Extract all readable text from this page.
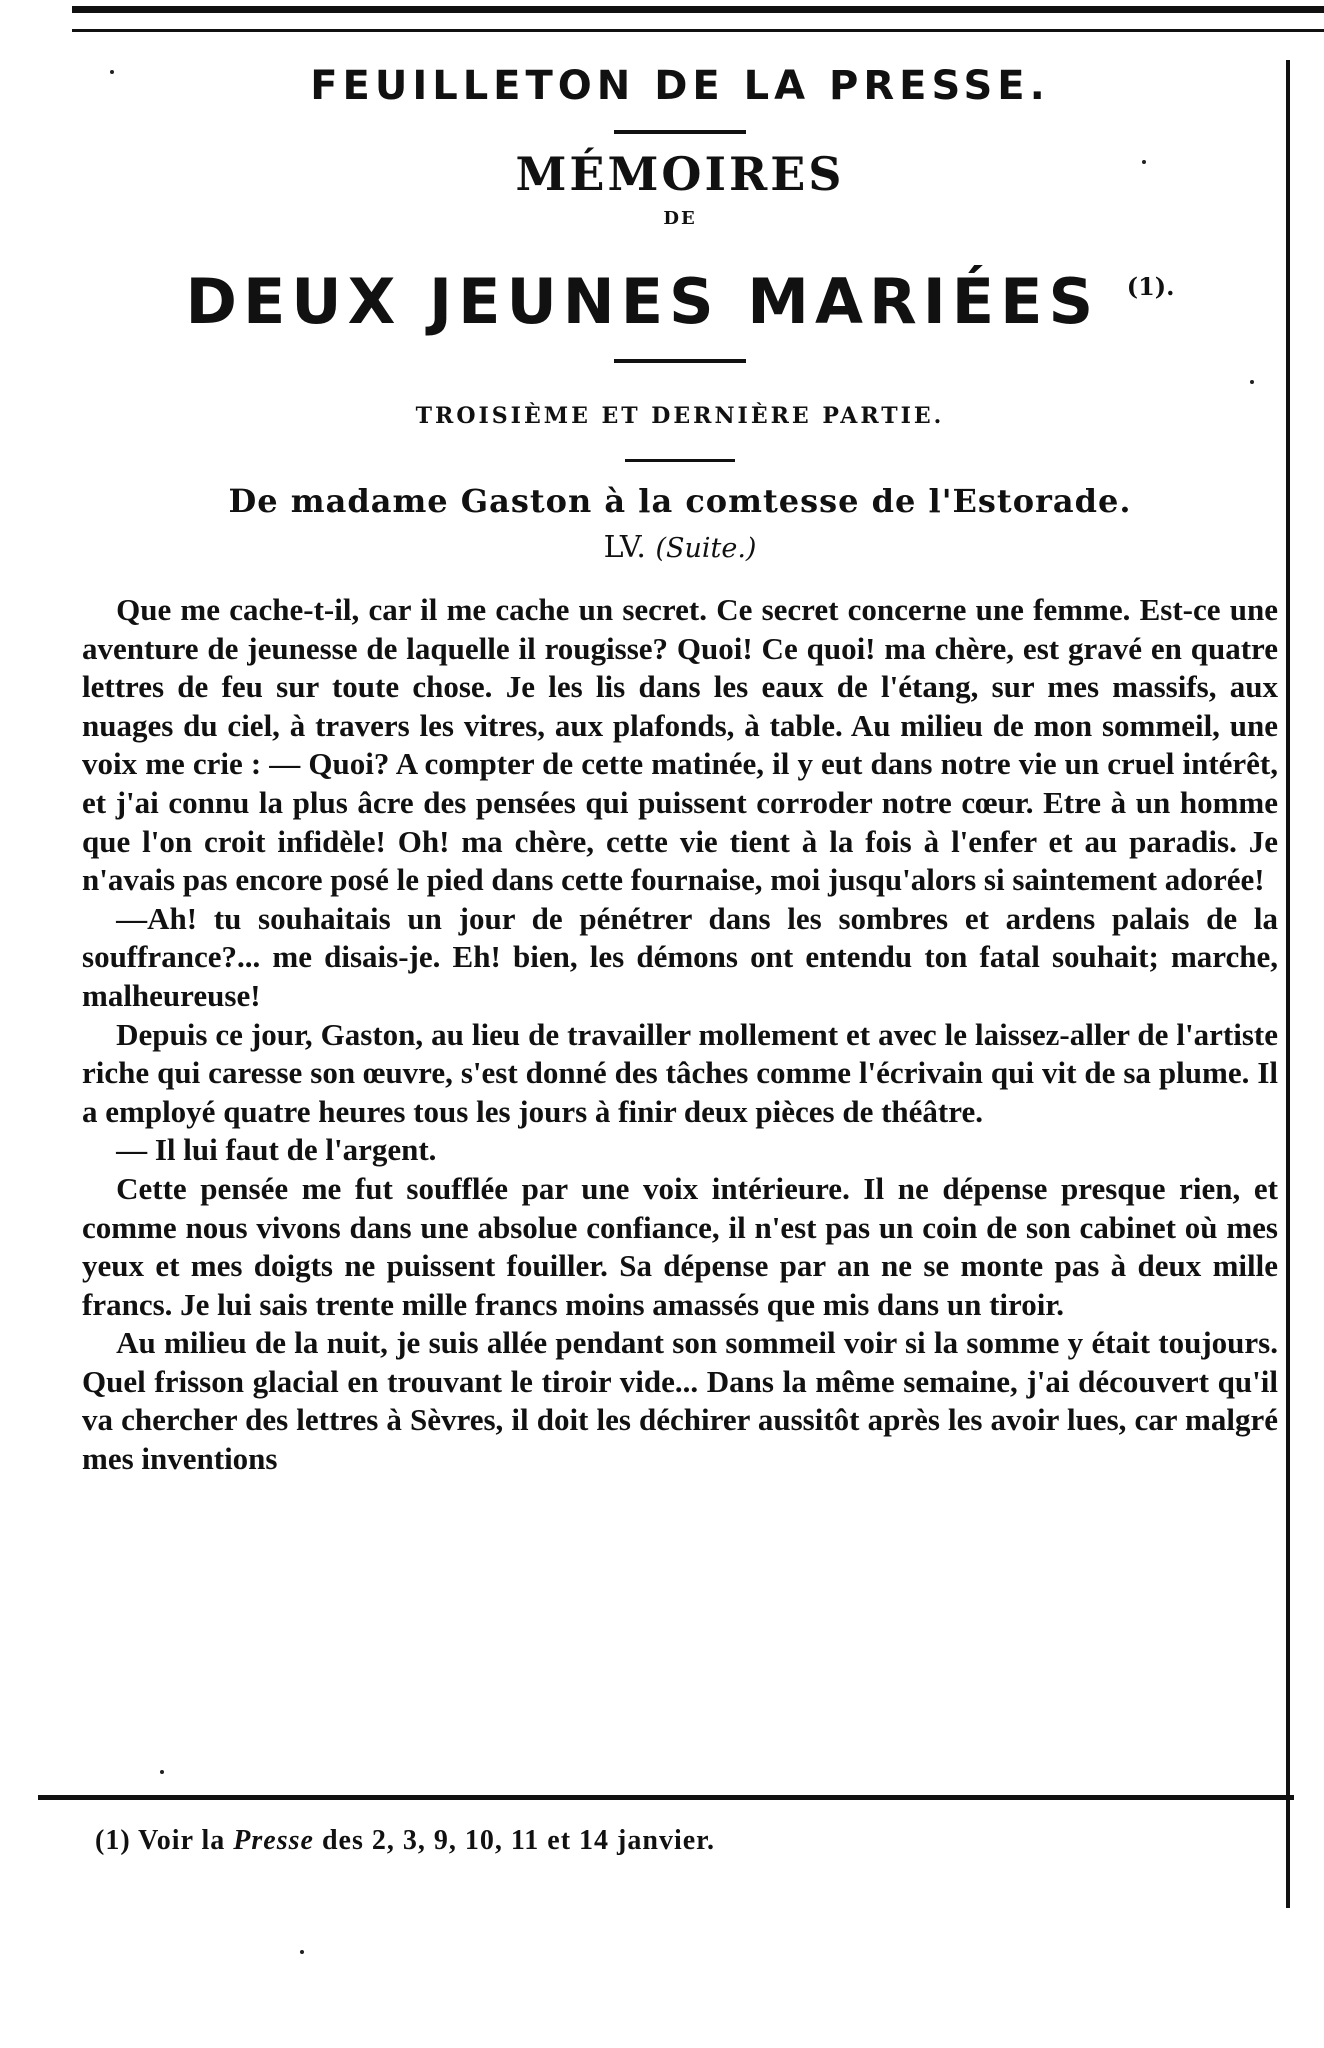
FEUILLETON DE LA PRESSE.
MÉMOIRES
DE
DEUX JEUNES MARIÉES $^{(1).}$
TROISIÈME ET DERNIÈRE PARTIE.
De madame Gaston à la comtesse de l'Estorade.
LV. (Suite.)

Que me cache-t-il, car il me cache un secret. Ce secret concerne une femme. Est-ce une aventure de jeunesse de laquelle il rougisse? Quoi! Ce quoi! ma chère, est gravé en quatre lettres de feu sur toute chose. Je les lis dans les eaux de l'étang, sur mes massifs, aux nuages du ciel, à travers les vitres, aux plafonds, à table. Au milieu de mon sommeil, une voix me crie : — Quoi? A compter de cette matinée, il y eut dans notre vie un cruel intérêt, et j'ai connu la plus âcre des pensées qui puissent corroder notre cœur. Etre à un homme que l'on croit infidèle! Oh! ma chère, cette vie tient à la fois à l'enfer et au paradis. Je n'avais pas encore posé le pied dans cette fournaise, moi jusqu'alors si saintement adorée!

—Ah! tu souhaitais un jour de pénétrer dans les sombres et ardens palais de la souffrance?... me disais-je. Eh! bien, les démons ont entendu ton fatal souhait; marche, malheureuse!

Depuis ce jour, Gaston, au lieu de travailler mollement et avec le laissez-aller de l'artiste riche qui caresse son œuvre, s'est donné des tâches comme l'écrivain qui vit de sa plume. Il a employé quatre heures tous les jours à finir deux pièces de théâtre.

— Il lui faut de l'argent.

Cette pensée me fut soufflée par une voix intérieure. Il ne dépense presque rien, et comme nous vivons dans une absolue confiance, il n'est pas un coin de son cabinet où mes yeux et mes doigts ne puissent fouiller. Sa dépense par an ne se monte pas à deux mille francs. Je lui sais trente mille francs moins amassés que mis dans un tiroir.

Au milieu de la nuit, je suis allée pendant son sommeil voir si la somme y était toujours. Quel frisson glacial en trouvant le tiroir vide... Dans la même semaine, j'ai découvert qu'il va chercher des lettres à Sèvres, il doit les déchirer aussitôt après les avoir lues, car malgré mes inventions

(1) Voir la Presse des 2, 3, 9, 10, 11 et 14 janvier.
